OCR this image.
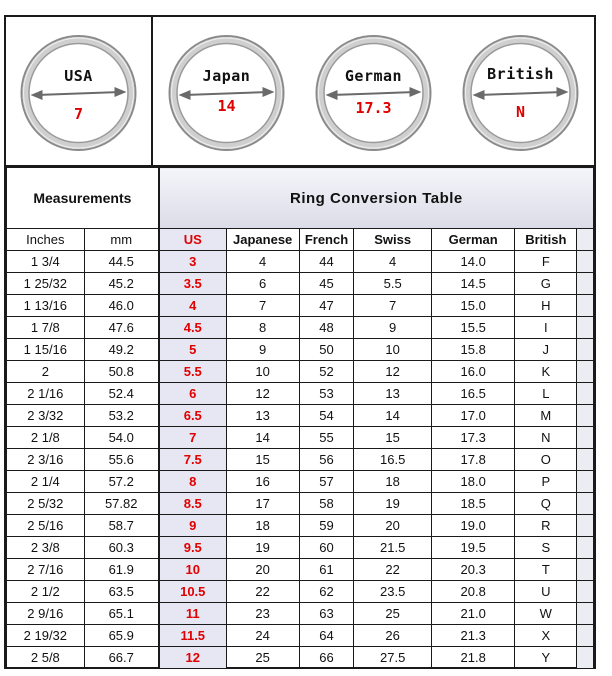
USA
7
Japan
14
German
17.3
British
N
Measurements		Ring Conversion Table						
Inches	mm	US	Japanese	French	Swiss	German	British	
1 3/4	44.5	3	4	44	4	14.0	F	
1 25/32	45.2	3.5	6	45	5.5	14.5	G	
1 13/16	46.0	4	7	47	7	15.0	H	
1 7/8	47.6	4.5	8	48	9	15.5	I	
1 15/16	49.2	5	9	50	10	15.8	J	
2	50.8	5.5	10	52	12	16.0	K	
2 1/16	52.4	6	12	53	13	16.5	L	
2 3/32	53.2	6.5	13	54	14	17.0	M	
2 1/8	54.0	7	14	55	15	17.3	N	
2 3/16	55.6	7.5	15	56	16.5	17.8	O	
2 1/4	57.2	8	16	57	18	18.0	P	
2 5/32	57.82	8.5	17	58	19	18.5	Q	
2 5/16	58.7	9	18	59	20	19.0	R	
2 3/8	60.3	9.5	19	60	21.5	19.5	S	
2 7/16	61.9	10	20	61	22	20.3	T	
2 1/2	63.5	10.5	22	62	23.5	20.8	U	
2 9/16	65.1	11	23	63	25	21.0	W	
2 19/32	65.9	11.5	24	64	26	21.3	X	
2 5/8	66.7	12	25	66	27.5	21.8	Y	
